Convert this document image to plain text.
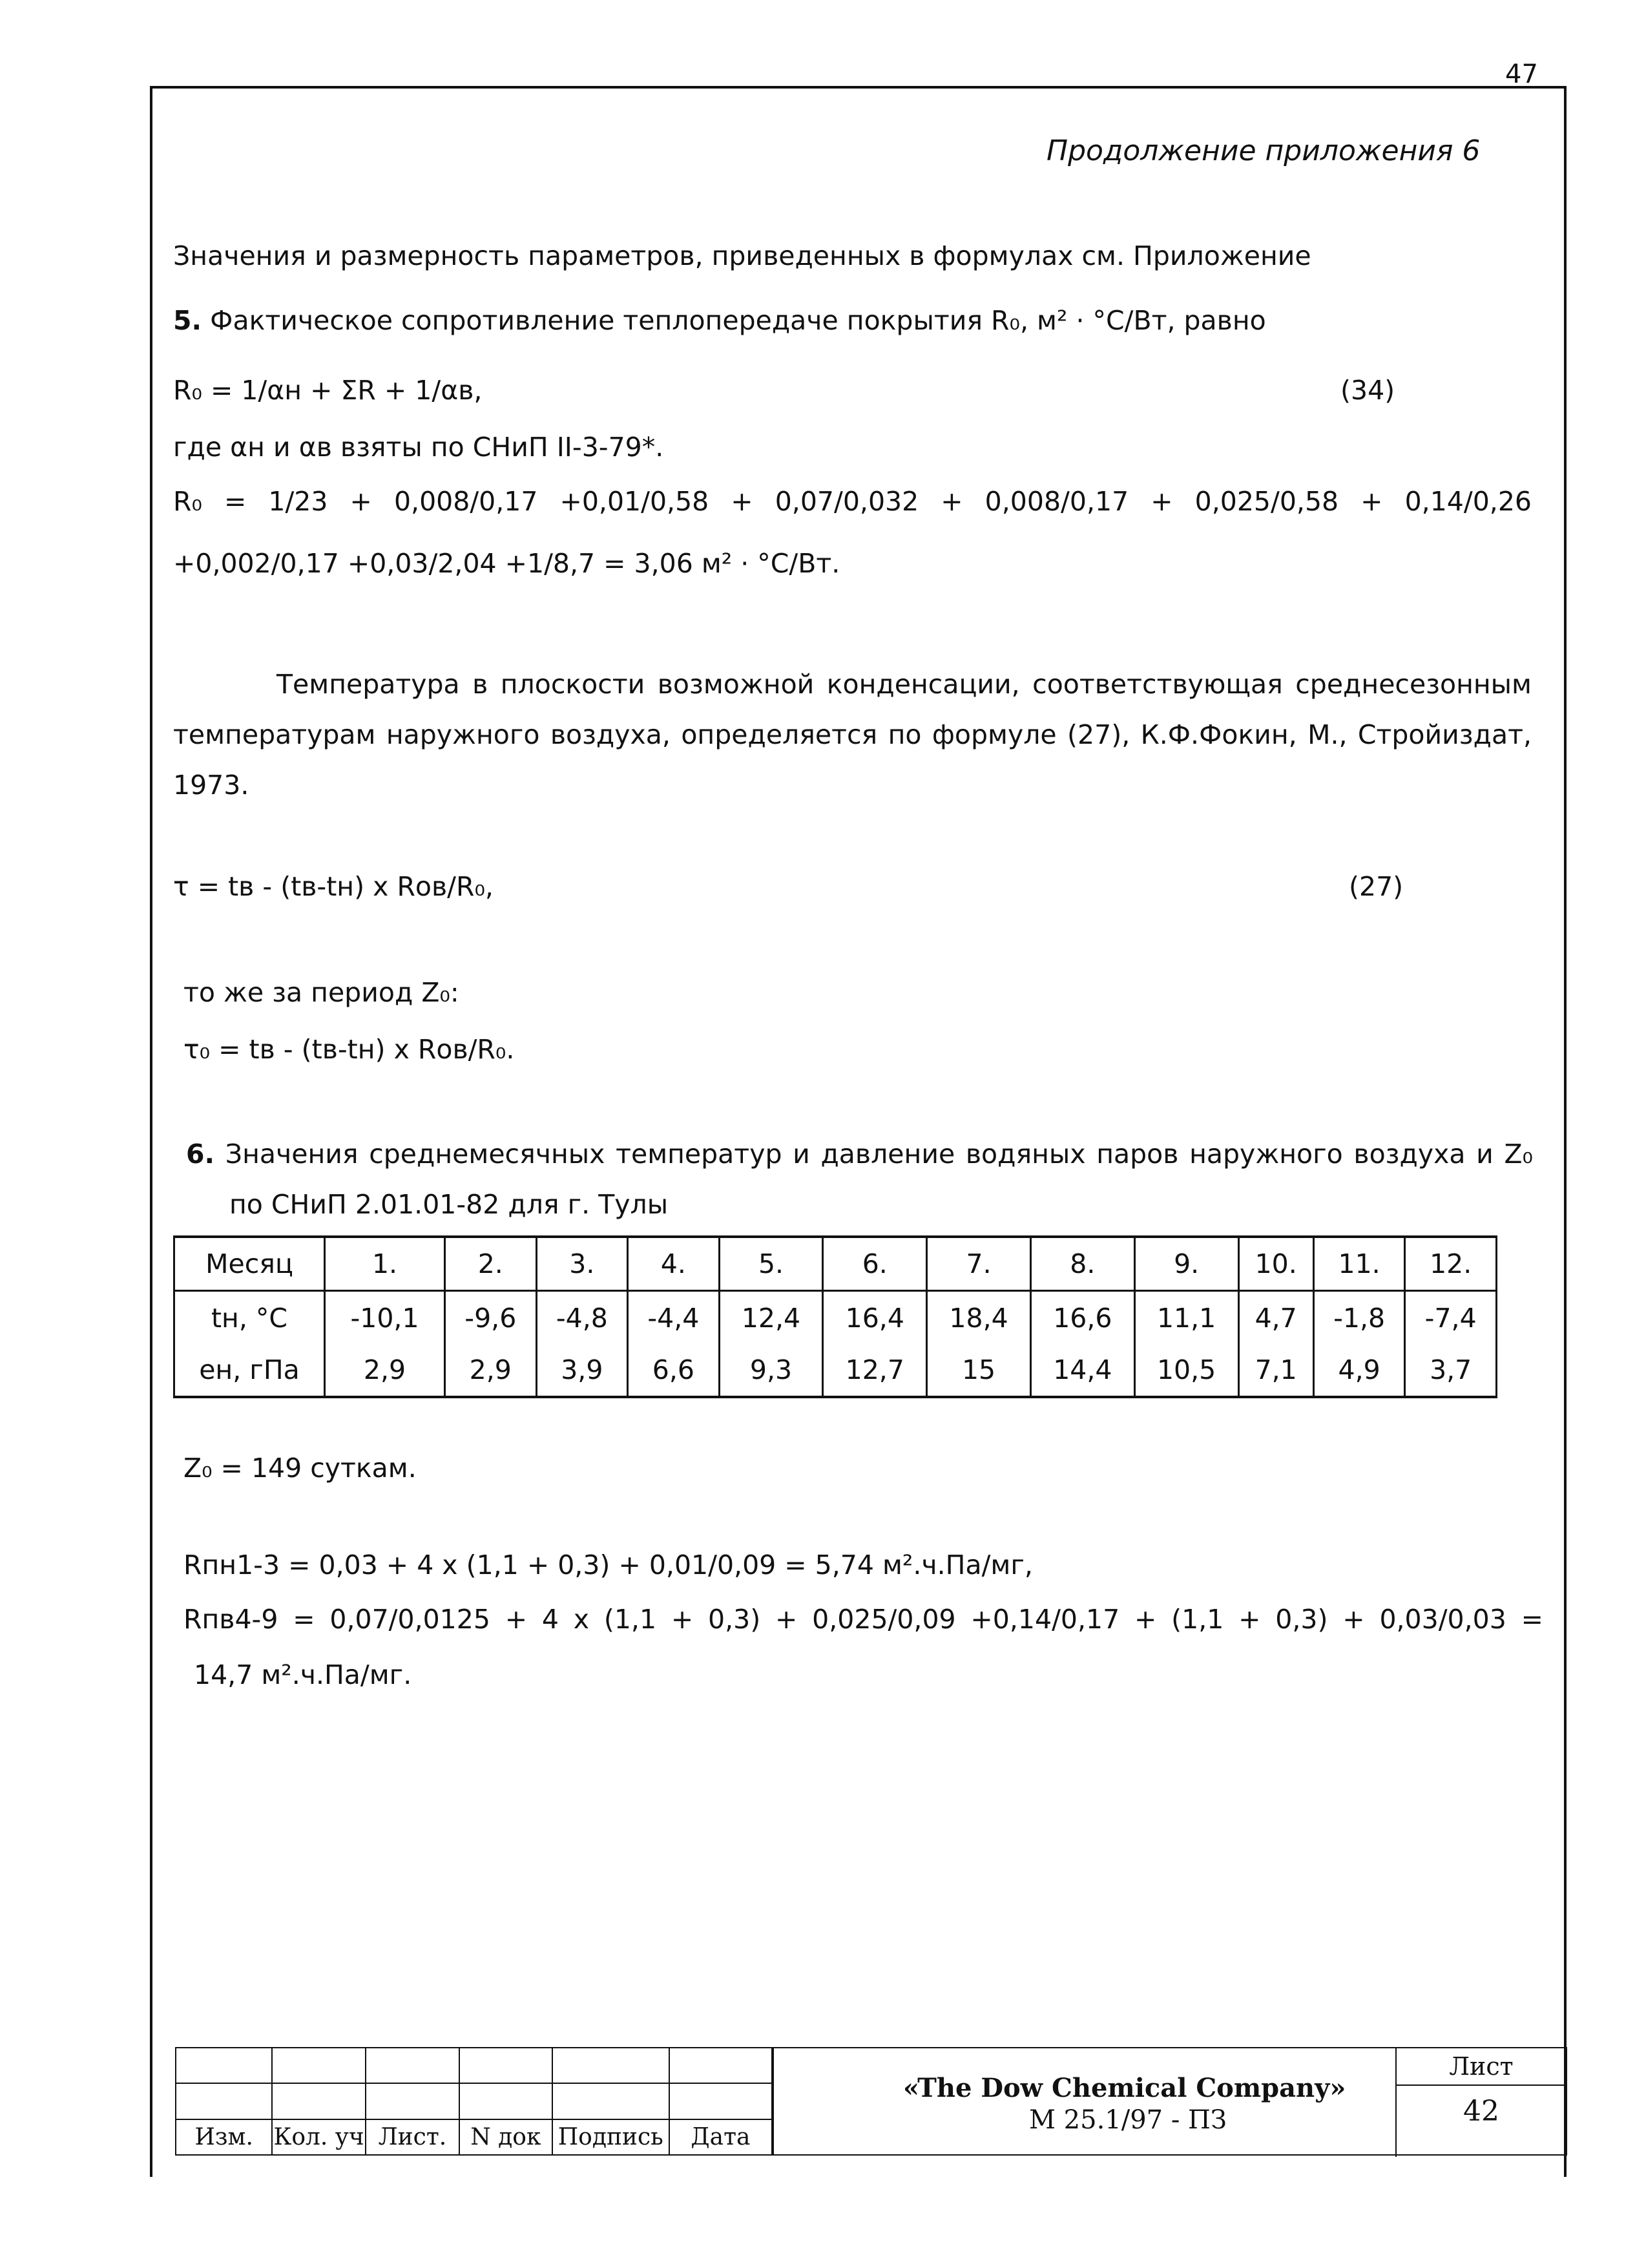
47
Продолжение приложения 6
Значения и размерность параметров, приведенных в формулах см. Приложение
5. Фактическое сопротивление теплопередаче покрытия R₀, м² · °C/Вт, равно
R₀ = 1/αн + ΣR + 1/αв,	(34)
где αн и αв взяты по СНиП II-3-79*.
R₀ = 1/23 + 0,008/0,17 +0,01/0,58 + 0,07/0,032 + 0,008/0,17 + 0,025/0,58 + 0,14/0,26
+0,002/0,17 +0,03/2,04 +1/8,7 = 3,06 м² · °C/Вт.
Температура в плоскости возможной конденсации, соответствующая среднесезонным температурам наружного воздуха, определяется по формуле (27), К.Ф.Фокин, М., Стройиздат, 1973.
τ = tв - (tв-tн) x Rов/R₀,	(27)
то же за период Z₀:
τ₀ = tв - (tв-tн) x Rов/R₀.
6. Значения среднемесячных температур и давление водяных паров наружного воздуха и Z₀
по СНиП 2.01.01-82 для г. Тулы
Месяц	1.	2.	3.	4.	5.	6.	7.	8.	9.	10.	11.	12.
tн, °C	-10,1	-9,6	-4,8	-4,4	12,4	16,4	18,4	16,6	11,1	4,7	-1,8	-7,4
eн, гПа	2,9	2,9	3,9	6,6	9,3	12,7	15	14,4	10,5	7,1	4,9	3,7
Z₀ = 149 суткам.
Rпн1-3 = 0,03 + 4 x (1,1 + 0,3) + 0,01/0,09 = 5,74 м².ч.Па/мг,
Rпв4-9 = 0,07/0,0125 + 4 x (1,1 + 0,3) + 0,025/0,09 +0,14/0,17 + (1,1 + 0,3) + 0,03/0,03 =
14,7 м².ч.Па/мг.

Изм.	Кол. уч	Лист.	N док	Подпись	Дата
«The Dow Chemical Company»
М 25.1/97 - ПЗ
Лист
42
